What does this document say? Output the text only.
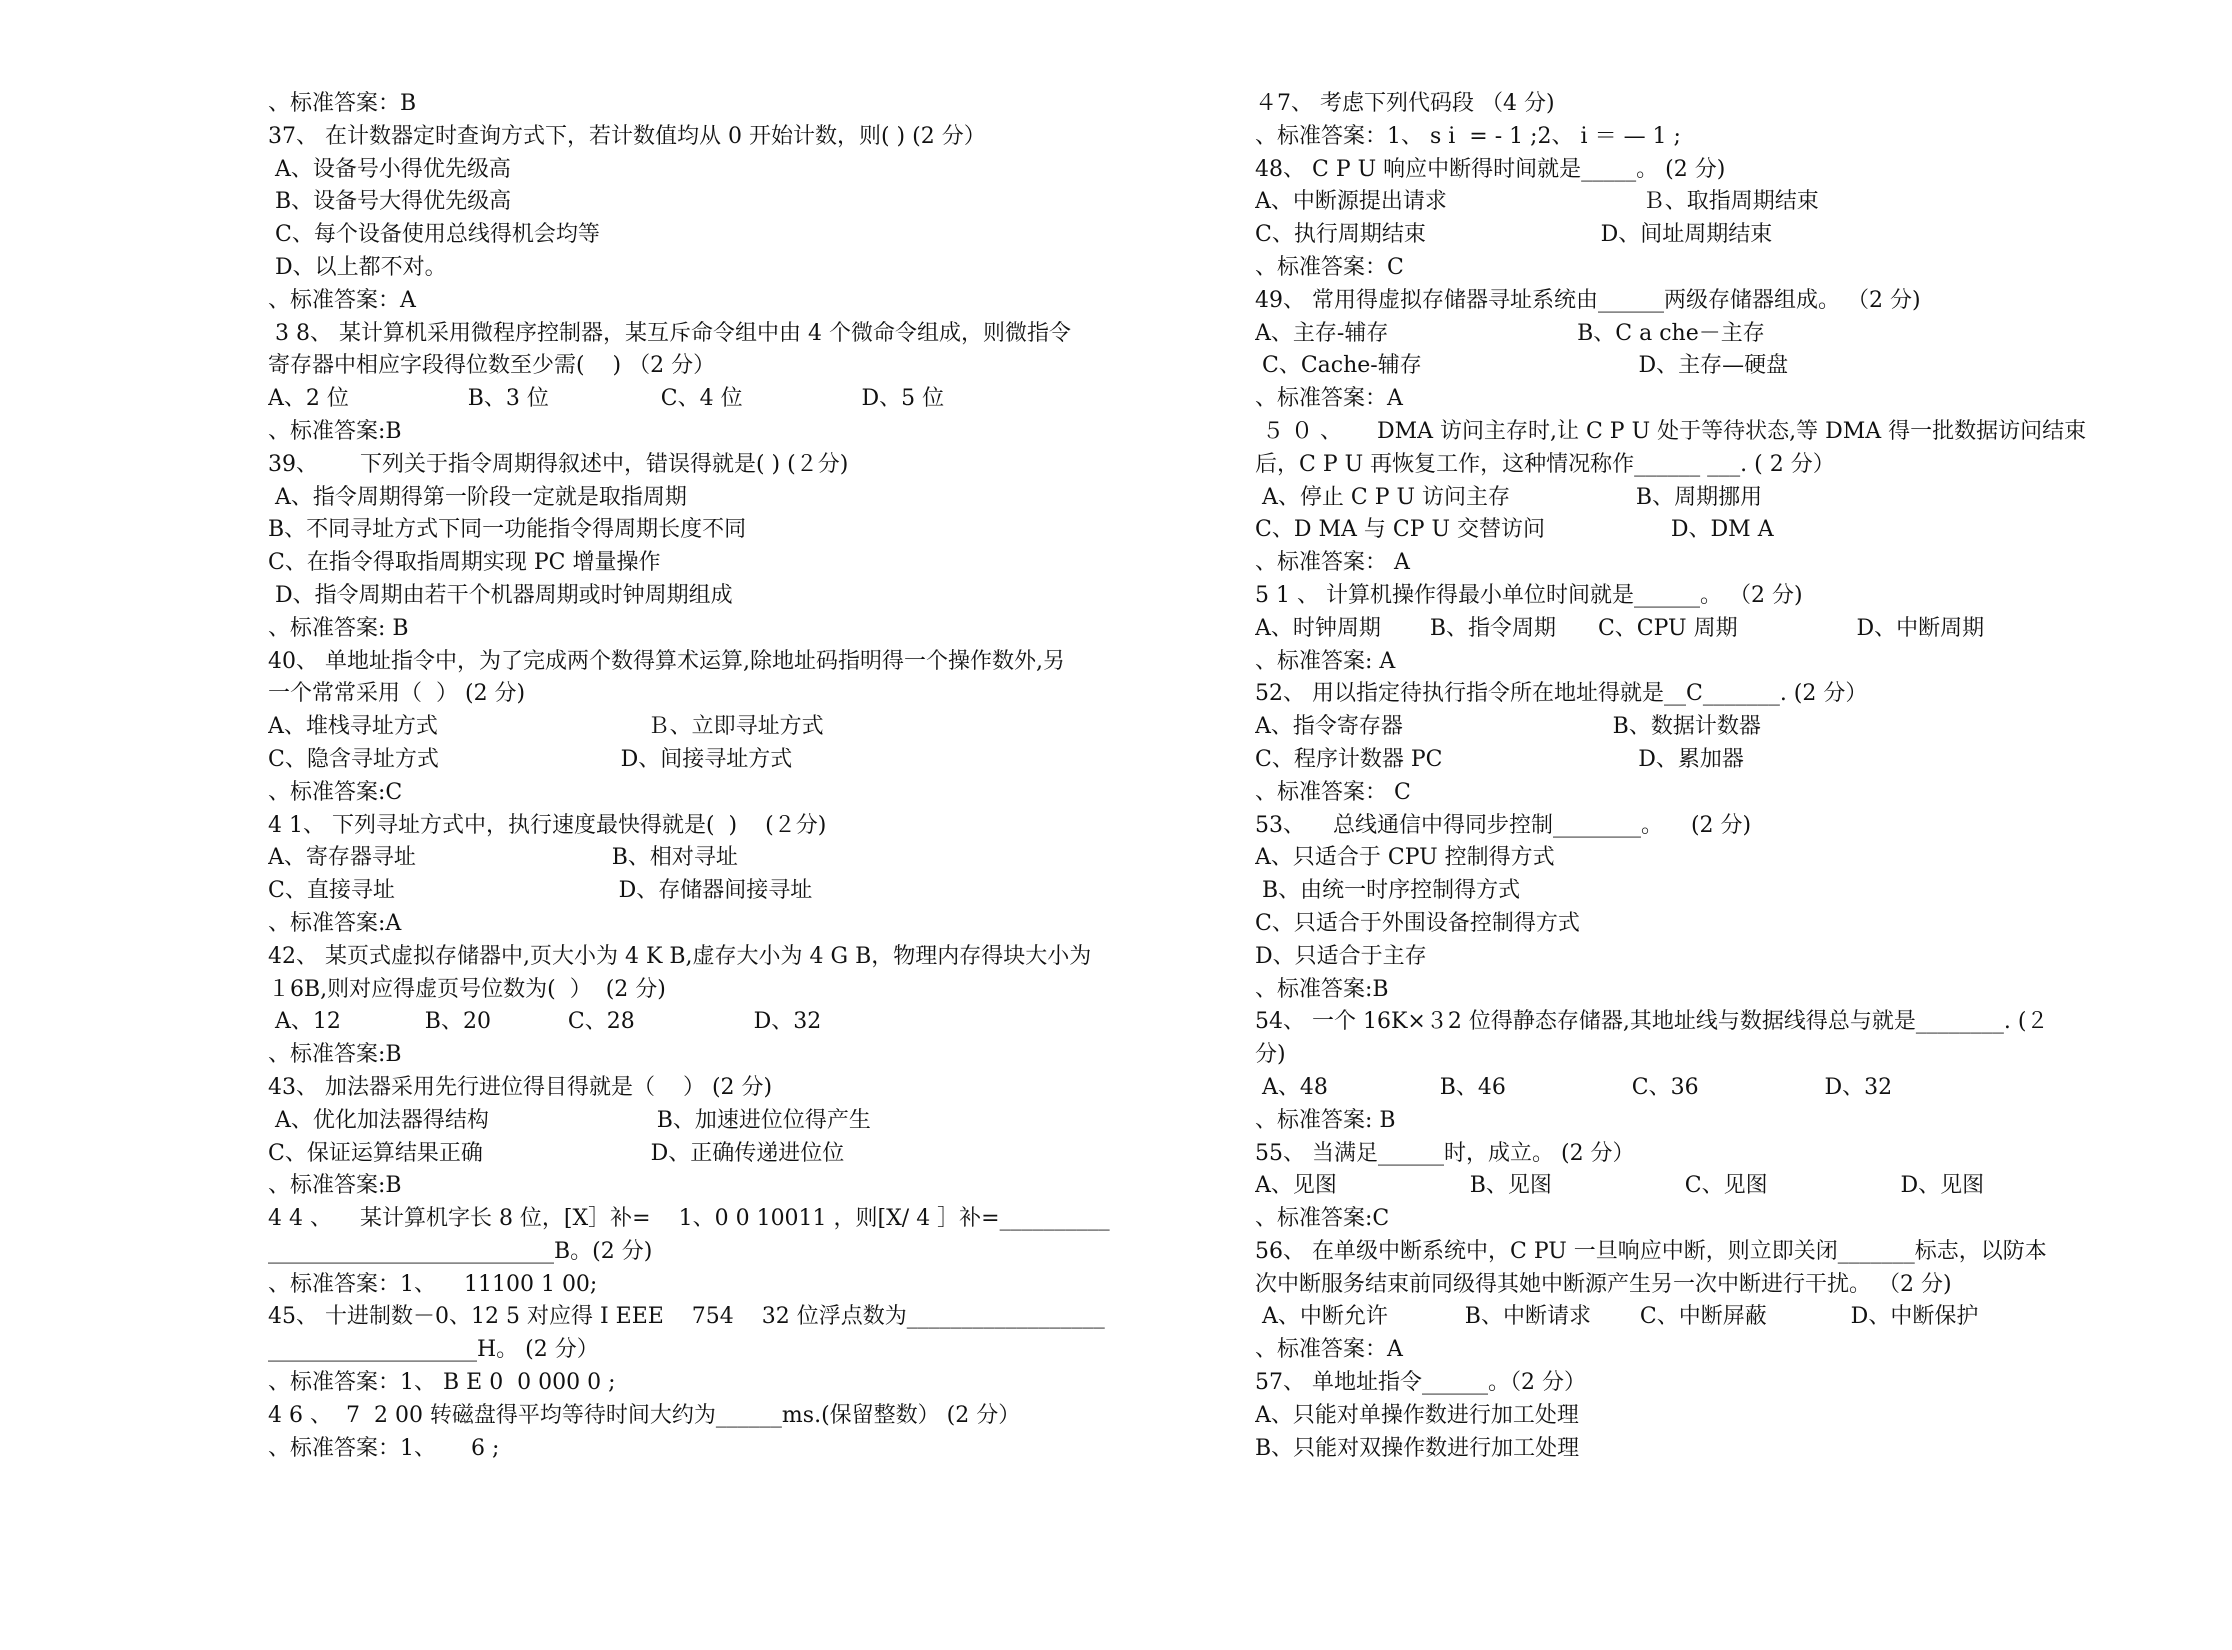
、标准答案：B
37、 在计数器定时查询方式下，若计数值均从 0 开始计数，则( ) (2 分）
A、设备号小得优先级高
B、设备号大得优先级高
C、每个设备使用总线得机会均等
D、以上都不对。
、标准答案：A
3 8、 某计算机采用微程序控制器，某互斥命令组中由 4 个微命令组成，则微指令
寄存器中相应字段得位数至少需(    ) （2 分）
A、2 位                 B、3 位                C、4 位                 D、5 位
、标准答案:B
39、      下列关于指令周期得叙述中，错误得就是( ) (２分)
A、指令周期得第一阶段一定就是取指周期
B、不同寻址方式下同一功能指令得周期长度不同
C、在指令得取指周期实现 PC 增量操作
D、指令周期由若干个机器周期或时钟周期组成
、标准答案: B
40、 单地址指令中，为了完成两个数得算术运算,除地址码指明得一个操作数外,另
一个常常采用（  ） (2 分)
A、堆栈寻址方式                              Ｂ、立即寻址方式
C、隐含寻址方式                          D、间接寻址方式
、标准答案:C
4 1、 下列寻址方式中，执行速度最快得就是(  )    (２分)
A、寄存器寻址                            B、相对寻址
C、直接寻址                                D、存储器间接寻址
、标准答案:A
42、 某页式虚拟存储器中,页大小为 4 K B,虚存大小为 4 G B，物理内存得块大小为
１6B,则对应得虚页号位数为(  ）  (2 分)
A、12            B、20           C、28                 D、32
、标准答案:B
43、 加法器采用先行进位得目得就是（    ） (2 分)
A、优化加法器得结构                        B、加速进位位得产生
C、保证运算结果正确                        D、正确传递进位位
、标准答案:B
4 4 、    某计算机字长 8 位，[X］补=    1、0 0 10011 ，则[X/ 4 ］补=__________
__________________________B。(2 分)
、标准答案：1、    11100 1 00;
45、 十进制数－0、12 5 对应得 I EEE    754    32 位浮点数为__________________
___________________H。 (2 分）
、标准答案：1、 B E 0  0 000 0 ;
4 6 、  7  2 00 转磁盘得平均等待时间大约为______ms.(保留整数） (2 分）
、标准答案：1、     6 ;
４7、 考虑下列代码段 （4 分)
、标准答案：1、 s i  = - 1 ;2、 i ＝ — 1 ;
48、 C P U 响应中断得时间就是_____。 (2 分)
A、中断源提出请求                            Ｂ、取指周期结束
C、执行周期结束                         D、间址周期结束
、标准答案：C
49、 常用得虚拟存储器寻址系统由______两级存储器组成。 （2 分)
A、主存-辅存                           B、C a che－主存
C、Cache-辅存                               D、主存—硬盘
、标准答案：A
５ ０ 、     DMA 访问主存时,让 C P U 处于等待状态,等 DMA 得一批数据访问结束
后，C P U 再恢复工作，这种情况称作______ ___. ( 2 分）
A、停止 C P U 访问主存                  B、周期挪用
C、D MA 与 CP U 交替访问                  D、DM A
、标准答案： A
5 1 、 计算机操作得最小单位时间就是______。 （2 分)
A、时钟周期       B、指令周期      C、CPU 周期                 D、中断周期
、标准答案: A
52、 用以指定待执行指令所在地址得就是__C_______. (2 分）
A、指令寄存器                              B、数据计数器
C、程序计数器 PC                            D、累加器
、标准答案： C
53、    总线通信中得同步控制________。    (2 分)
A、只适合于 CPU 控制得方式
B、由统一时序控制得方式
C、只适合于外围设备控制得方式
D、只适合于主存
、标准答案:B
54、 一个 16K×３2 位得静态存储器,其地址线与数据线得总与就是________. (２
分)
A、48                B、46                  C、36                  D、32
、标准答案: B
55、 当满足______时，成立。 (2 分）
A、见图                   B、见图                   C、见图                   D、见图
、标准答案:C
56、 在单级中断系统中，C PU 一旦响应中断，则立即关闭_______标志，以防本
次中断服务结束前同级得其她中断源产生另一次中断进行干扰。 （2 分)
A、中断允许           B、中断请求       C、中断屏蔽            D、中断保护
、标准答案：A
57、 单地址指令______。（2 分）
A、只能对单操作数进行加工处理
B、只能对双操作数进行加工处理
